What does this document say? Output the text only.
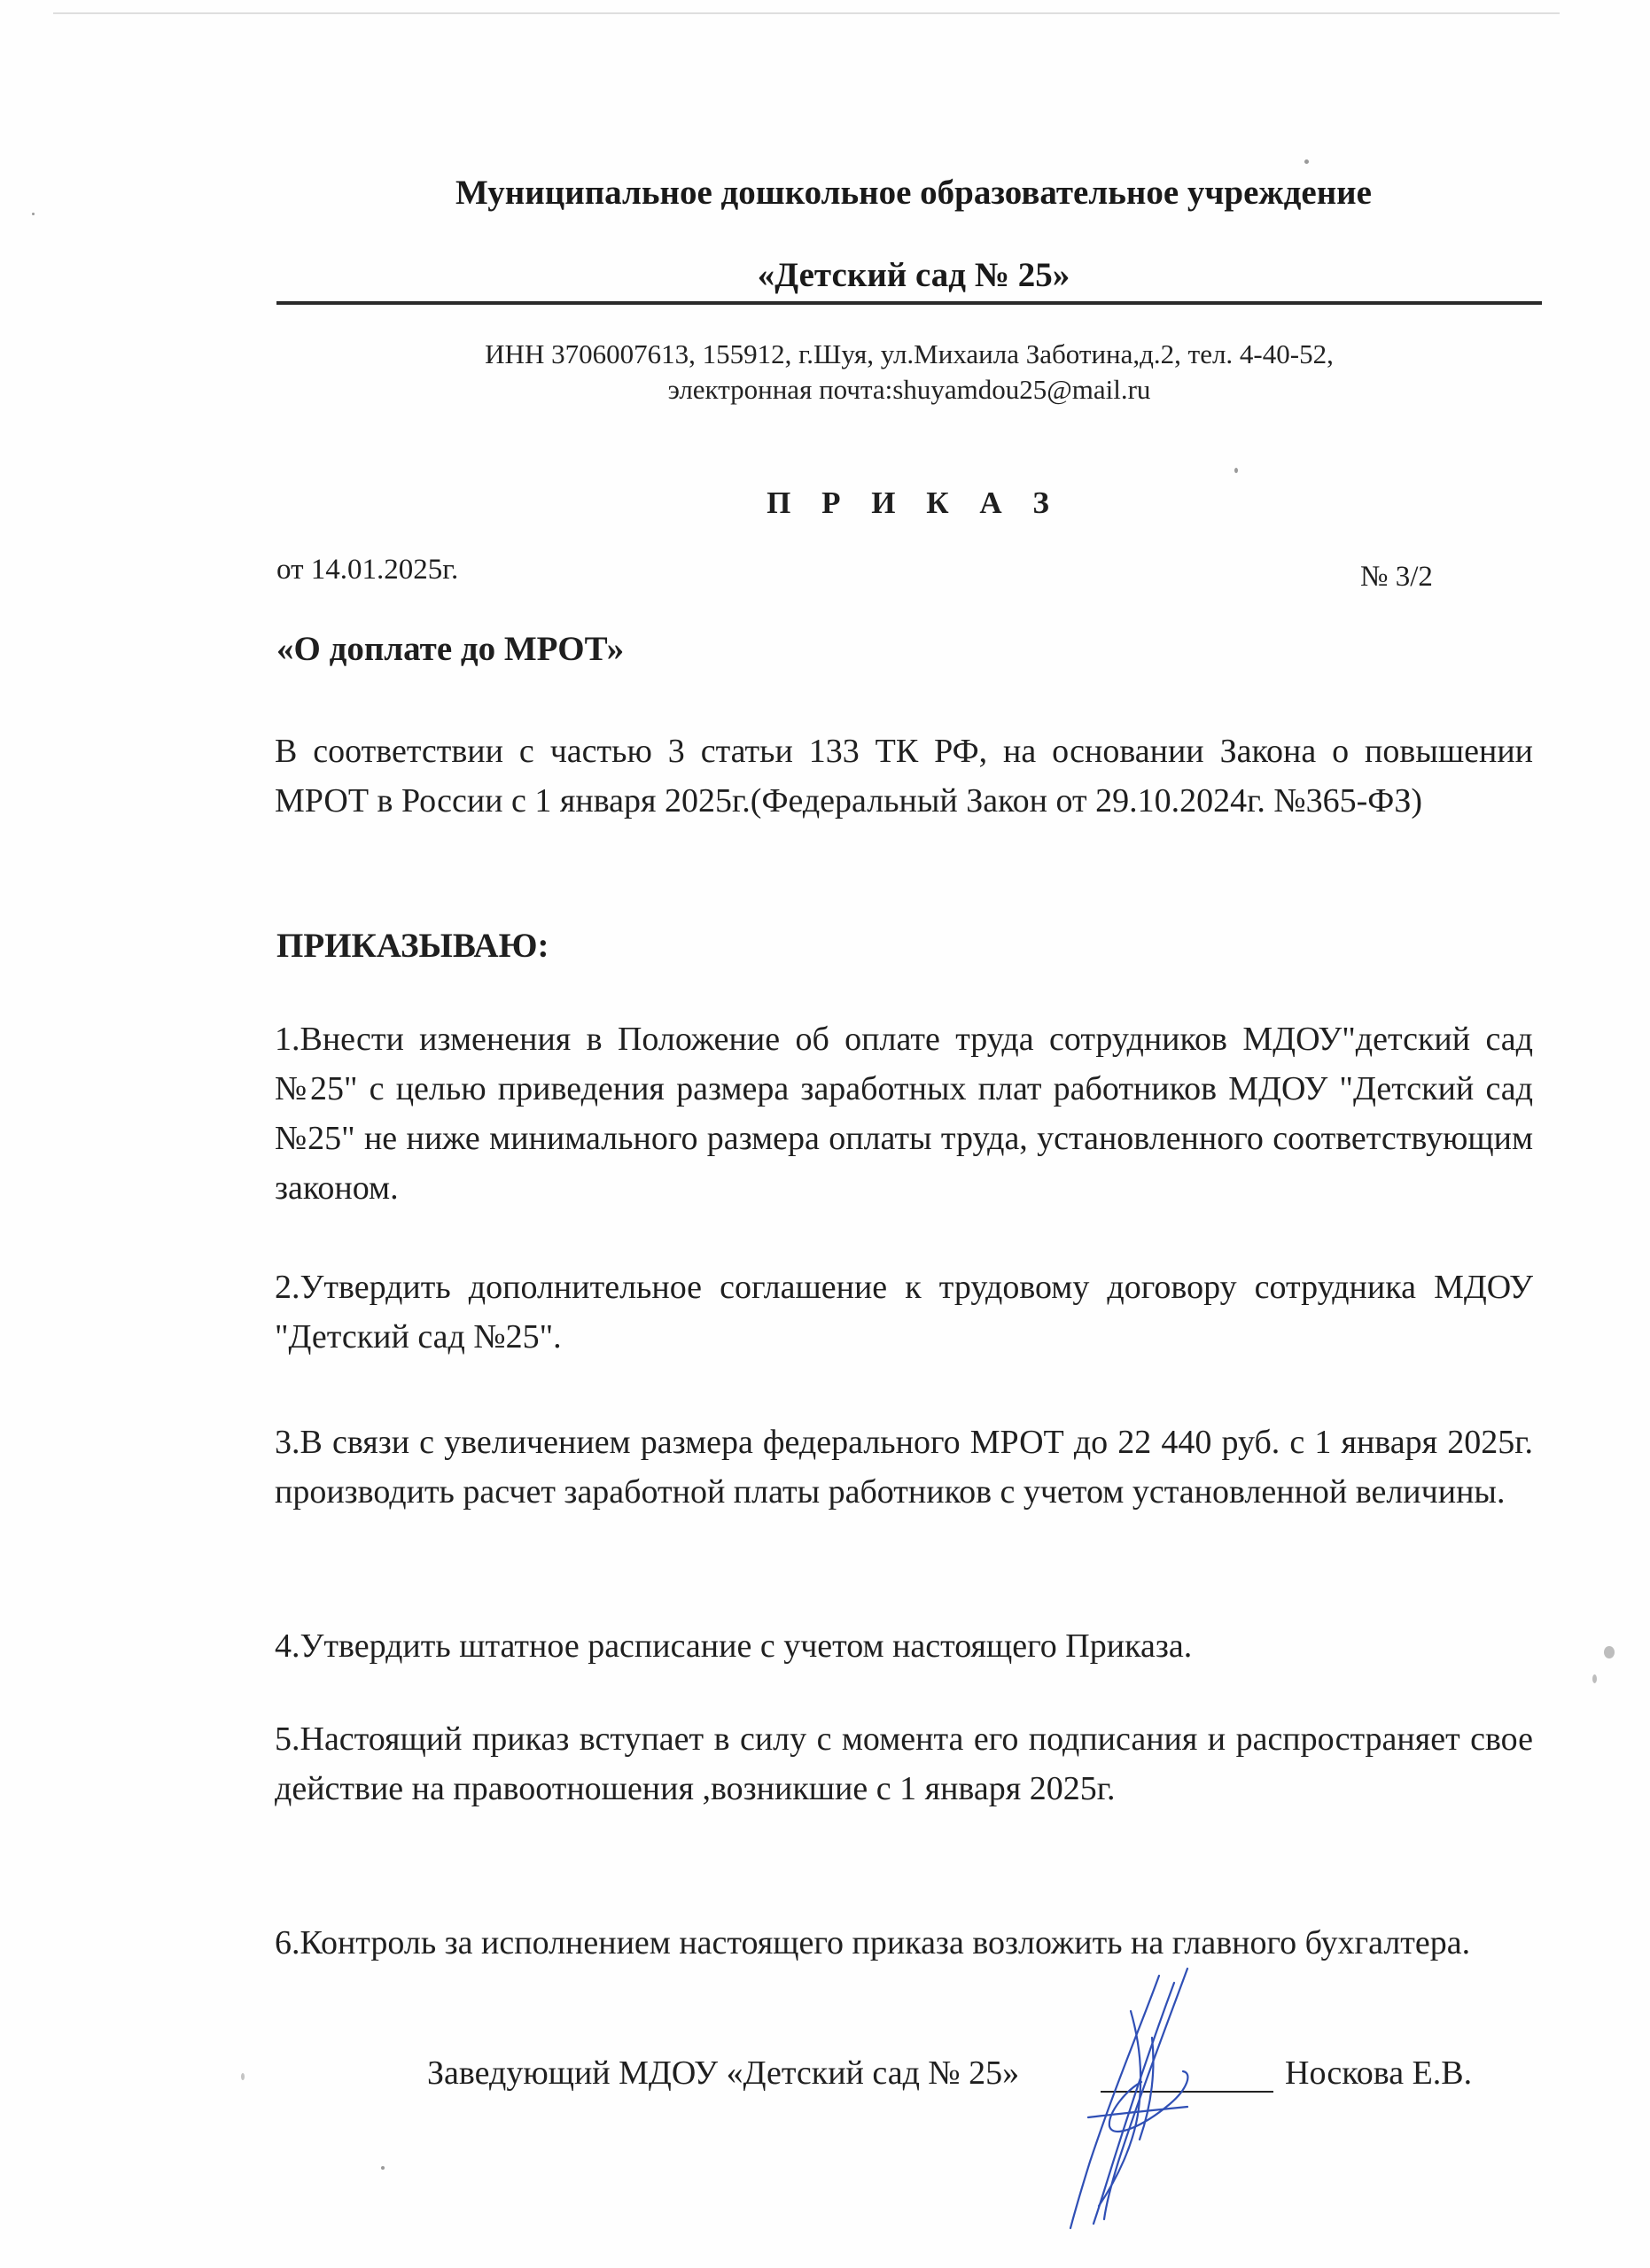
Муниципальное дошкольное образовательное учреждение
«Детский сад № 25»
ИНН 3706007613, 155912, г.Шуя, ул.Михаила Заботина,д.2, тел. 4-40-52,
электронная почта:shuyamdou25@mail.ru
П Р И К А З
от 14.01.2025г.	№ 3/2
«О доплате до МРОТ»
В соответствии с частью 3 статьи 133 ТК РФ, на основании Закона о повышении МРОТ в России с 1 января 2025г.(Федеральный Закон от 29.10.2024г. №365-ФЗ)
ПРИКАЗЫВАЮ:
1.Внести изменения в Положение об оплате труда сотрудников МДОУ"детский сад №25" с целью приведения размера заработных плат работников МДОУ "Детский сад №25" не ниже минимального размера оплаты труда, установленного соответствующим законом.
2.Утвердить дополнительное соглашение к трудовому договору сотрудника МДОУ "Детский сад №25".
3.В связи с увеличением размера федерального МРОТ до 22 440 руб. с 1 января 2025г. производить расчет заработной платы работников с учетом установленной величины.
4.Утвердить штатное расписание с учетом настоящего Приказа.
5.Настоящий приказ вступает в силу с момента его подписания и распространяет свое действие на правоотношения ,возникшие с 1 января 2025г.
6.Контроль за исполнением настоящего приказа возложить на главного бухгалтера.
Заведующий МДОУ «Детский сад № 25»	Носкова Е.В.
